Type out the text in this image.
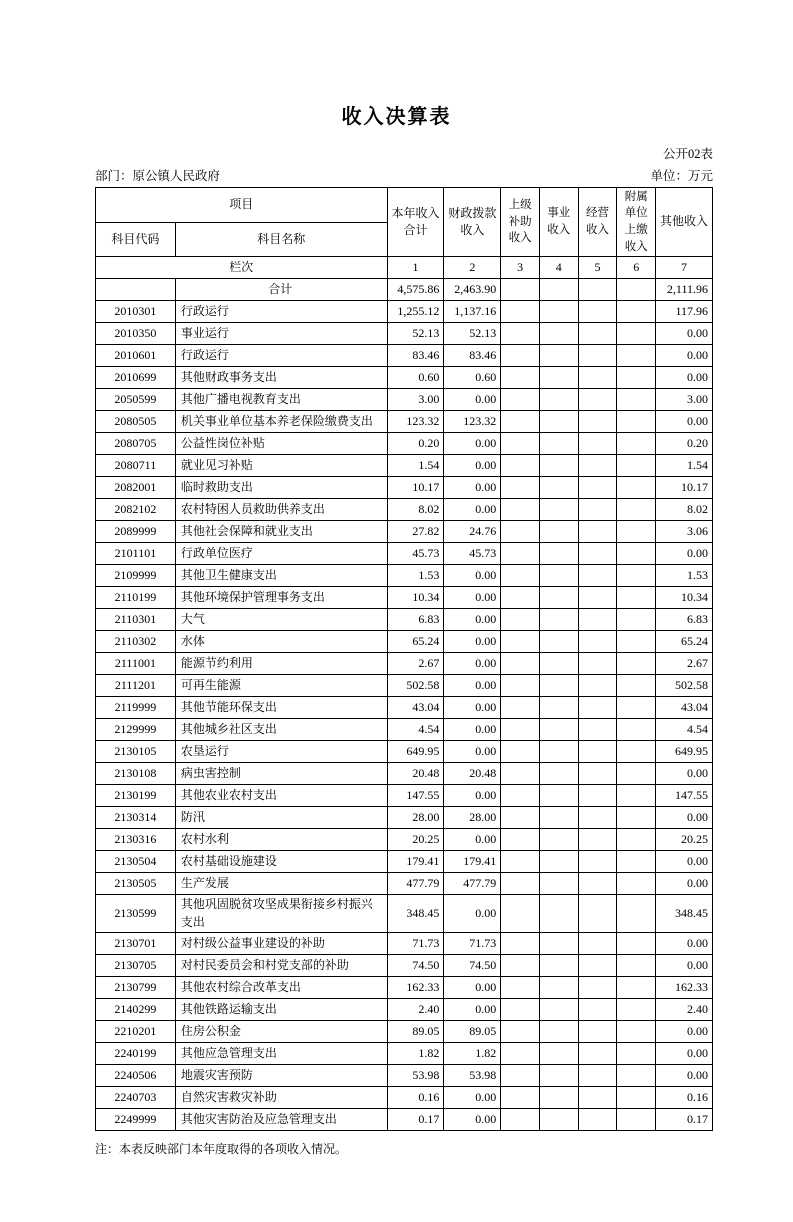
收入决算表
公开02表
部门：原公镇人民政府	单位：万元
项目		本年收入合计	财政拨款收入	上级补助收入	事业收入	经营收入	附属单位上缴收入	其他收入
科目代码	科目名称							
栏次		1	2	3	4	5	6	7
	合计	4,575.86	2,463.90					2,111.96
2010301	行政运行	1,255.12	1,137.16					117.96
2010350	事业运行	52.13	52.13					0.00
2010601	行政运行	83.46	83.46					0.00
2010699	其他财政事务支出	0.60	0.60					0.00
2050599	其他广播电视教育支出	3.00	0.00					3.00
2080505	机关事业单位基本养老保险缴费支出	123.32	123.32					0.00
2080705	公益性岗位补贴	0.20	0.00					0.20
2080711	就业见习补贴	1.54	0.00					1.54
2082001	临时救助支出	10.17	0.00					10.17
2082102	农村特困人员救助供养支出	8.02	0.00					8.02
2089999	其他社会保障和就业支出	27.82	24.76					3.06
2101101	行政单位医疗	45.73	45.73					0.00
2109999	其他卫生健康支出	1.53	0.00					1.53
2110199	其他环境保护管理事务支出	10.34	0.00					10.34
2110301	大气	6.83	0.00					6.83
2110302	水体	65.24	0.00					65.24
2111001	能源节约利用	2.67	0.00					2.67
2111201	可再生能源	502.58	0.00					502.58
2119999	其他节能环保支出	43.04	0.00					43.04
2129999	其他城乡社区支出	4.54	0.00					4.54
2130105	农垦运行	649.95	0.00					649.95
2130108	病虫害控制	20.48	20.48					0.00
2130199	其他农业农村支出	147.55	0.00					147.55
2130314	防汛	28.00	28.00					0.00
2130316	农村水利	20.25	0.00					20.25
2130504	农村基础设施建设	179.41	179.41					0.00
2130505	生产发展	477.79	477.79					0.00
2130599	其他巩固脱贫攻坚成果衔接乡村振兴支出	348.45	0.00					348.45
2130701	对村级公益事业建设的补助	71.73	71.73					0.00
2130705	对村民委员会和村党支部的补助	74.50	74.50					0.00
2130799	其他农村综合改革支出	162.33	0.00					162.33
2140299	其他铁路运输支出	2.40	0.00					2.40
2210201	住房公积金	89.05	89.05					0.00
2240199	其他应急管理支出	1.82	1.82					0.00
2240506	地震灾害预防	53.98	53.98					0.00
2240703	自然灾害救灾补助	0.16	0.00					0.16
2249999	其他灾害防治及应急管理支出	0.17	0.00					0.17
注：本表反映部门本年度取得的各项收入情况。
